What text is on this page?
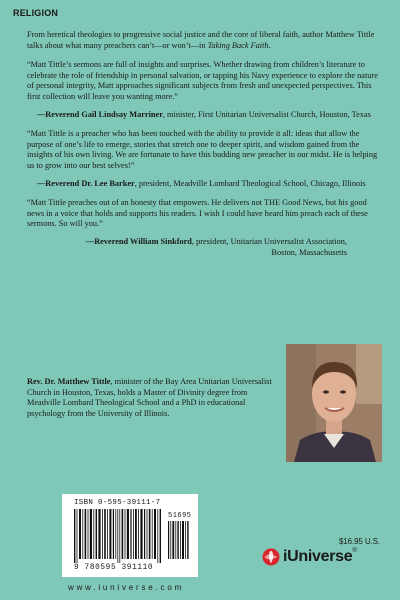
RELIGION

From heretical theologies to progressive social justice and the core of liberal faith, author Matthew Tittle talks about what many preachers can’t—or won’t—in Taking Back Faith.

“Matt Tittle’s sermons are full of insights and surprises. Whether drawing from children’s literature to celebrate the role of friendship in personal salvation, or tapping his Navy experience to explore the nature of personal integrity, Matt approaches significant subjects from fresh and unexpected perspectives. This first collection will leave you wanting more.”

—Reverend Gail Lindsay Marriner, minister, First Unitarian Universalist Church, Houston, Texas

“Matt Tittle is a preacher who has been touched with the ability to provide it all: ideas that allow the purpose of one’s life to emerge, stories that stretch one to deeper spirit, and wisdom gained from the insights of his own living. We are fortunate to have this budding new preacher in our midst. He is helping us to grow into our best selves!”

—Reverend Dr. Lee Barker, president, Meadville Lombard Theological School, Chicago, Illinois

“Matt Tittle preaches out of an honesty that empowers. He delivers not THE Good News, but his good news in a voice that holds and supports his readers. I wish I could have heard him preach each of these sermons. So will you.”

—Reverend William Sinkford, president, Unitarian Universalist Association,
Boston, Massachusetts

Rev. Dr. Matthew Tittle, minister of the Bay Area Unitarian Universalist Church in Houston, Texas, holds a Master of Divinity degree from Meadville Lombard Theological School and a PhD in educational psychology from the University of Illinois.

ISBN 0-595-39111-7
51695
9 780595 391110
$16.95 U.S.
iUniverse®
www.iuniverse.com
